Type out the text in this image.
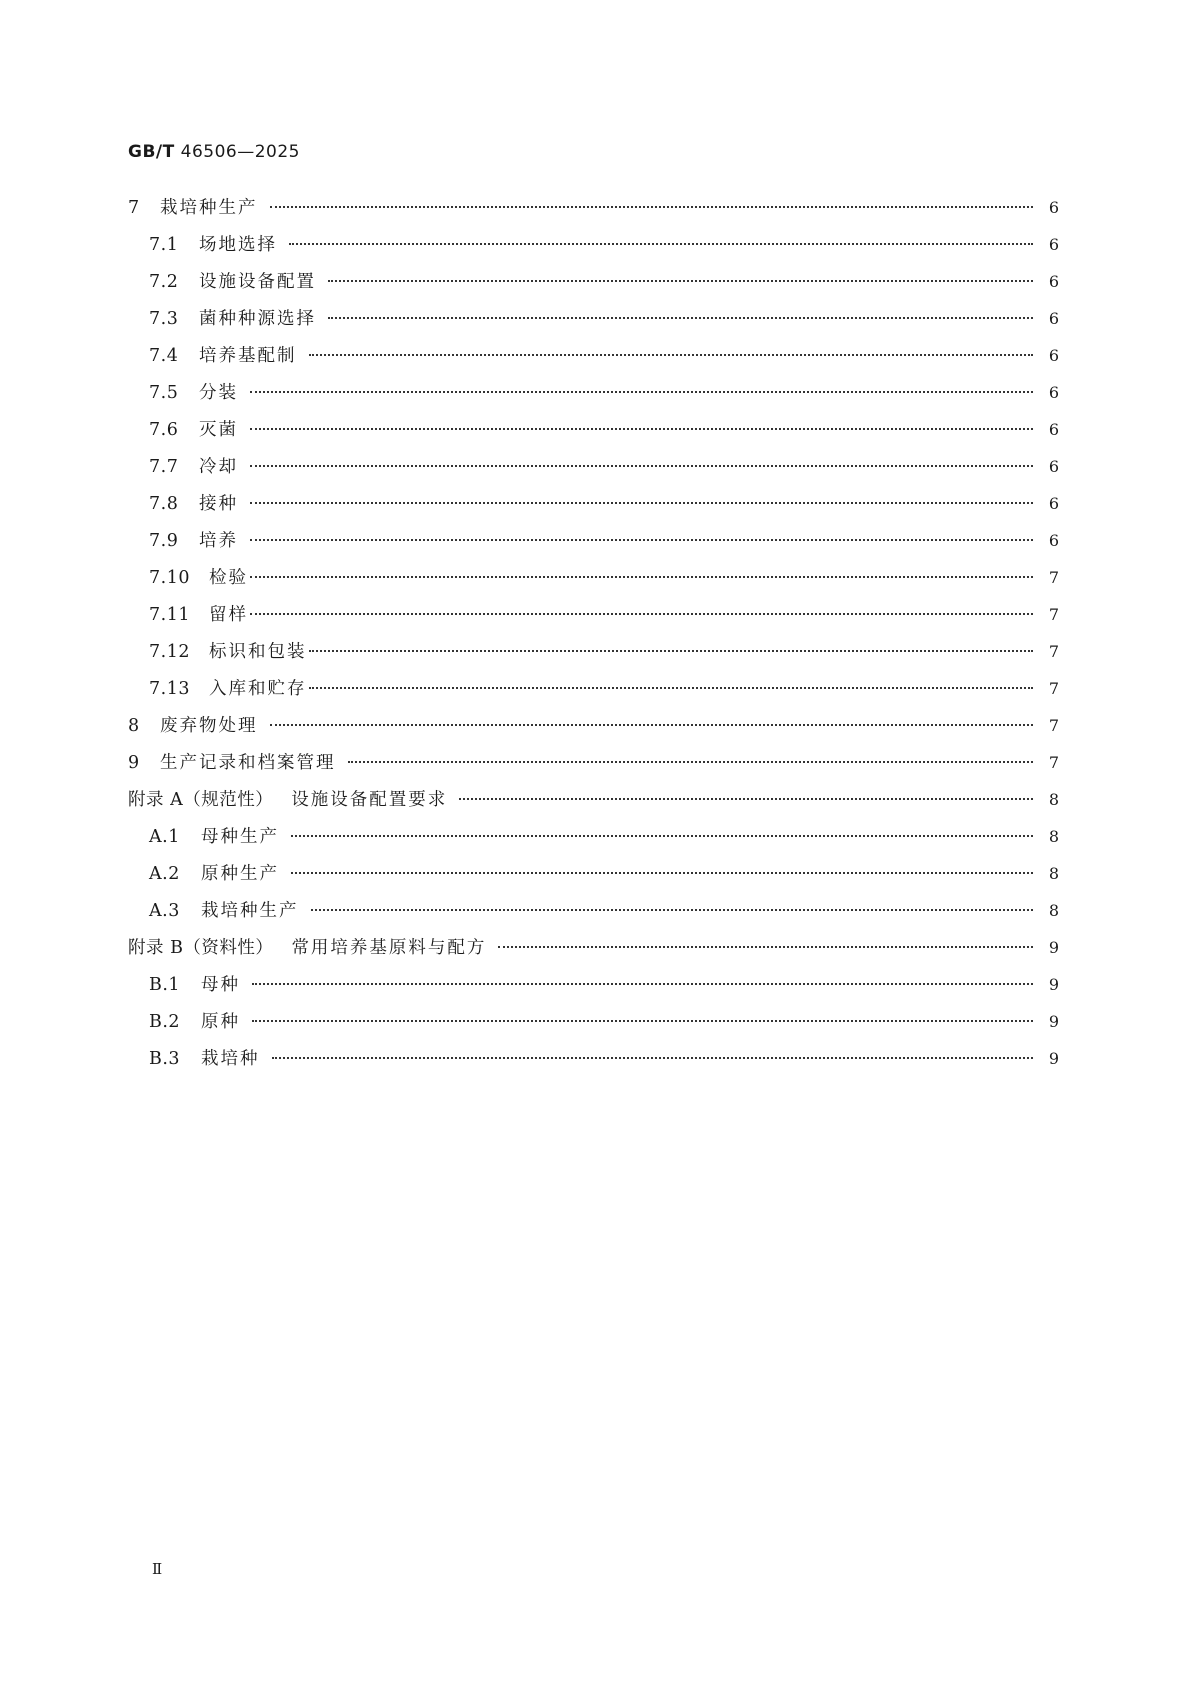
GB/T 46506—2025
7	栽培种生产	6
7.1	场地选择	6
7.2	设施设备配置	6
7.3	菌种种源选择	6
7.4	培养基配制	6
7.5	分装	6
7.6	灭菌	6
7.7	冷却	6
7.8	接种	6
7.9	培养	6
7.10	检验	7
7.11	留样	7
7.12	标识和包装	7
7.13	入库和贮存	7
8	废弃物处理	7
9	生产记录和档案管理	7
附录 A（规范性） 设施设备配置要求	8
A.1	母种生产	8
A.2	原种生产	8
A.3	栽培种生产	8
附录 B（资料性） 常用培养基原料与配方	9
B.1	母种	9
B.2	原种	9
B.3	栽培种	9
Ⅱ
